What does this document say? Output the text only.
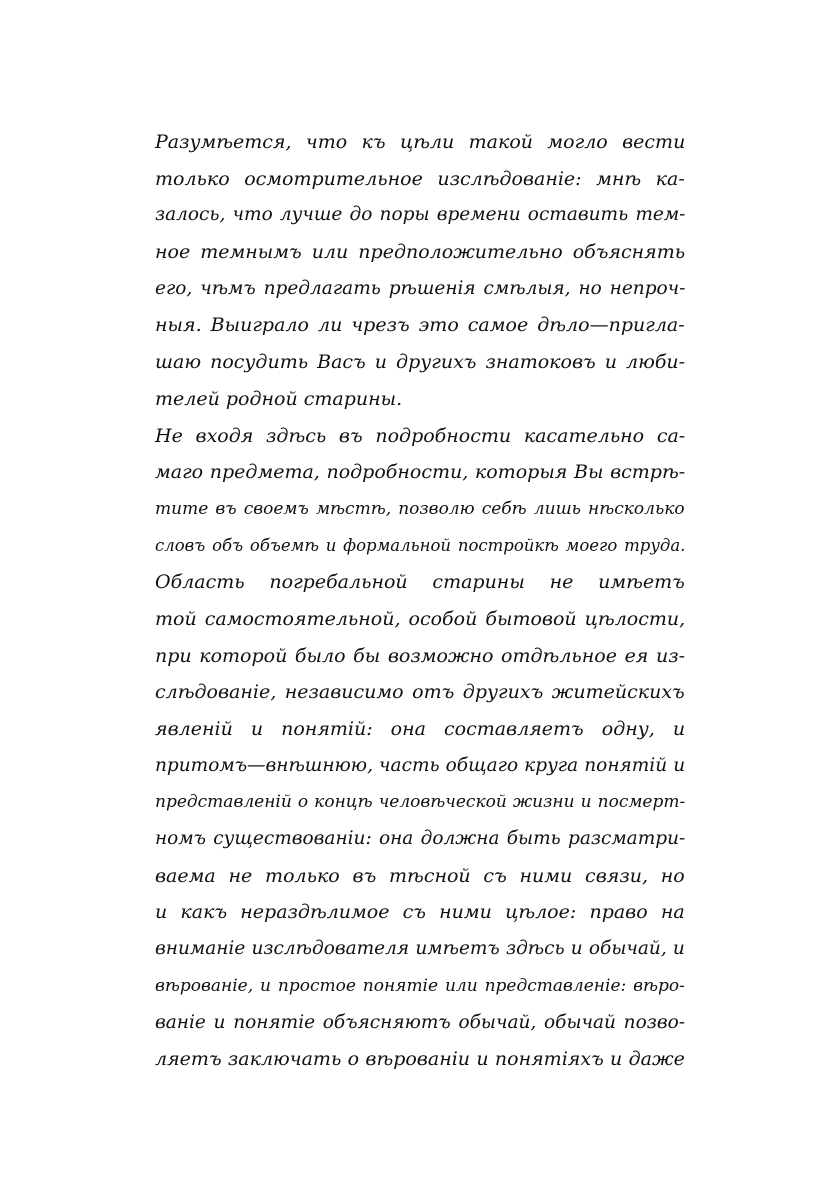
Разумѣется, что къ цѣли такой могло вести
только осмотрительное изслѣдованіе: мнѣ ка-
залось, что лучше до поры времени оставить тем-
ное темнымъ или предположительно объяснять
его, чѣмъ предлагать рѣшенія смѣлыя, но непроч-
ныя. Выиграло ли чрезъ это самое дѣло—пригла-
шаю посудить Васъ и другихъ знатоковъ и люби-
телей родной старины.
Не входя здѣсь въ подробности касательно са-
маго предмета, подробности, которыя Вы встрѣ-
тите въ своемъ мѣстѣ, позволю себѣ лишь нѣсколько
словъ объ объемѣ и формальной постройкѣ моего труда.
Область погребальной старины не имѣетъ
той самостоятельной, особой бытовой цѣлости,
при которой было бы возможно отдѣльное ея из-
слѣдованіе, независимо отъ другихъ житейскихъ
явленій и понятій: она составляетъ одну, и
притомъ—внѣшнюю, часть общаго круга понятій и
представленій о концѣ человѣческой жизни и посмерт-
номъ существованіи: она должна быть разсматри-
ваема не только въ тѣсной съ ними связи, но
и какъ нераздѣлимое съ ними цѣлое: право на
вниманіе изслѣдователя имѣетъ здѣсь и обычай, и
вѣрованіе, и простое понятіе или представленіе: вѣро-
ваніе и понятіе объясняютъ обычай, обычай позво-
ляетъ заключать о вѣрованіи и понятіяхъ и даже
